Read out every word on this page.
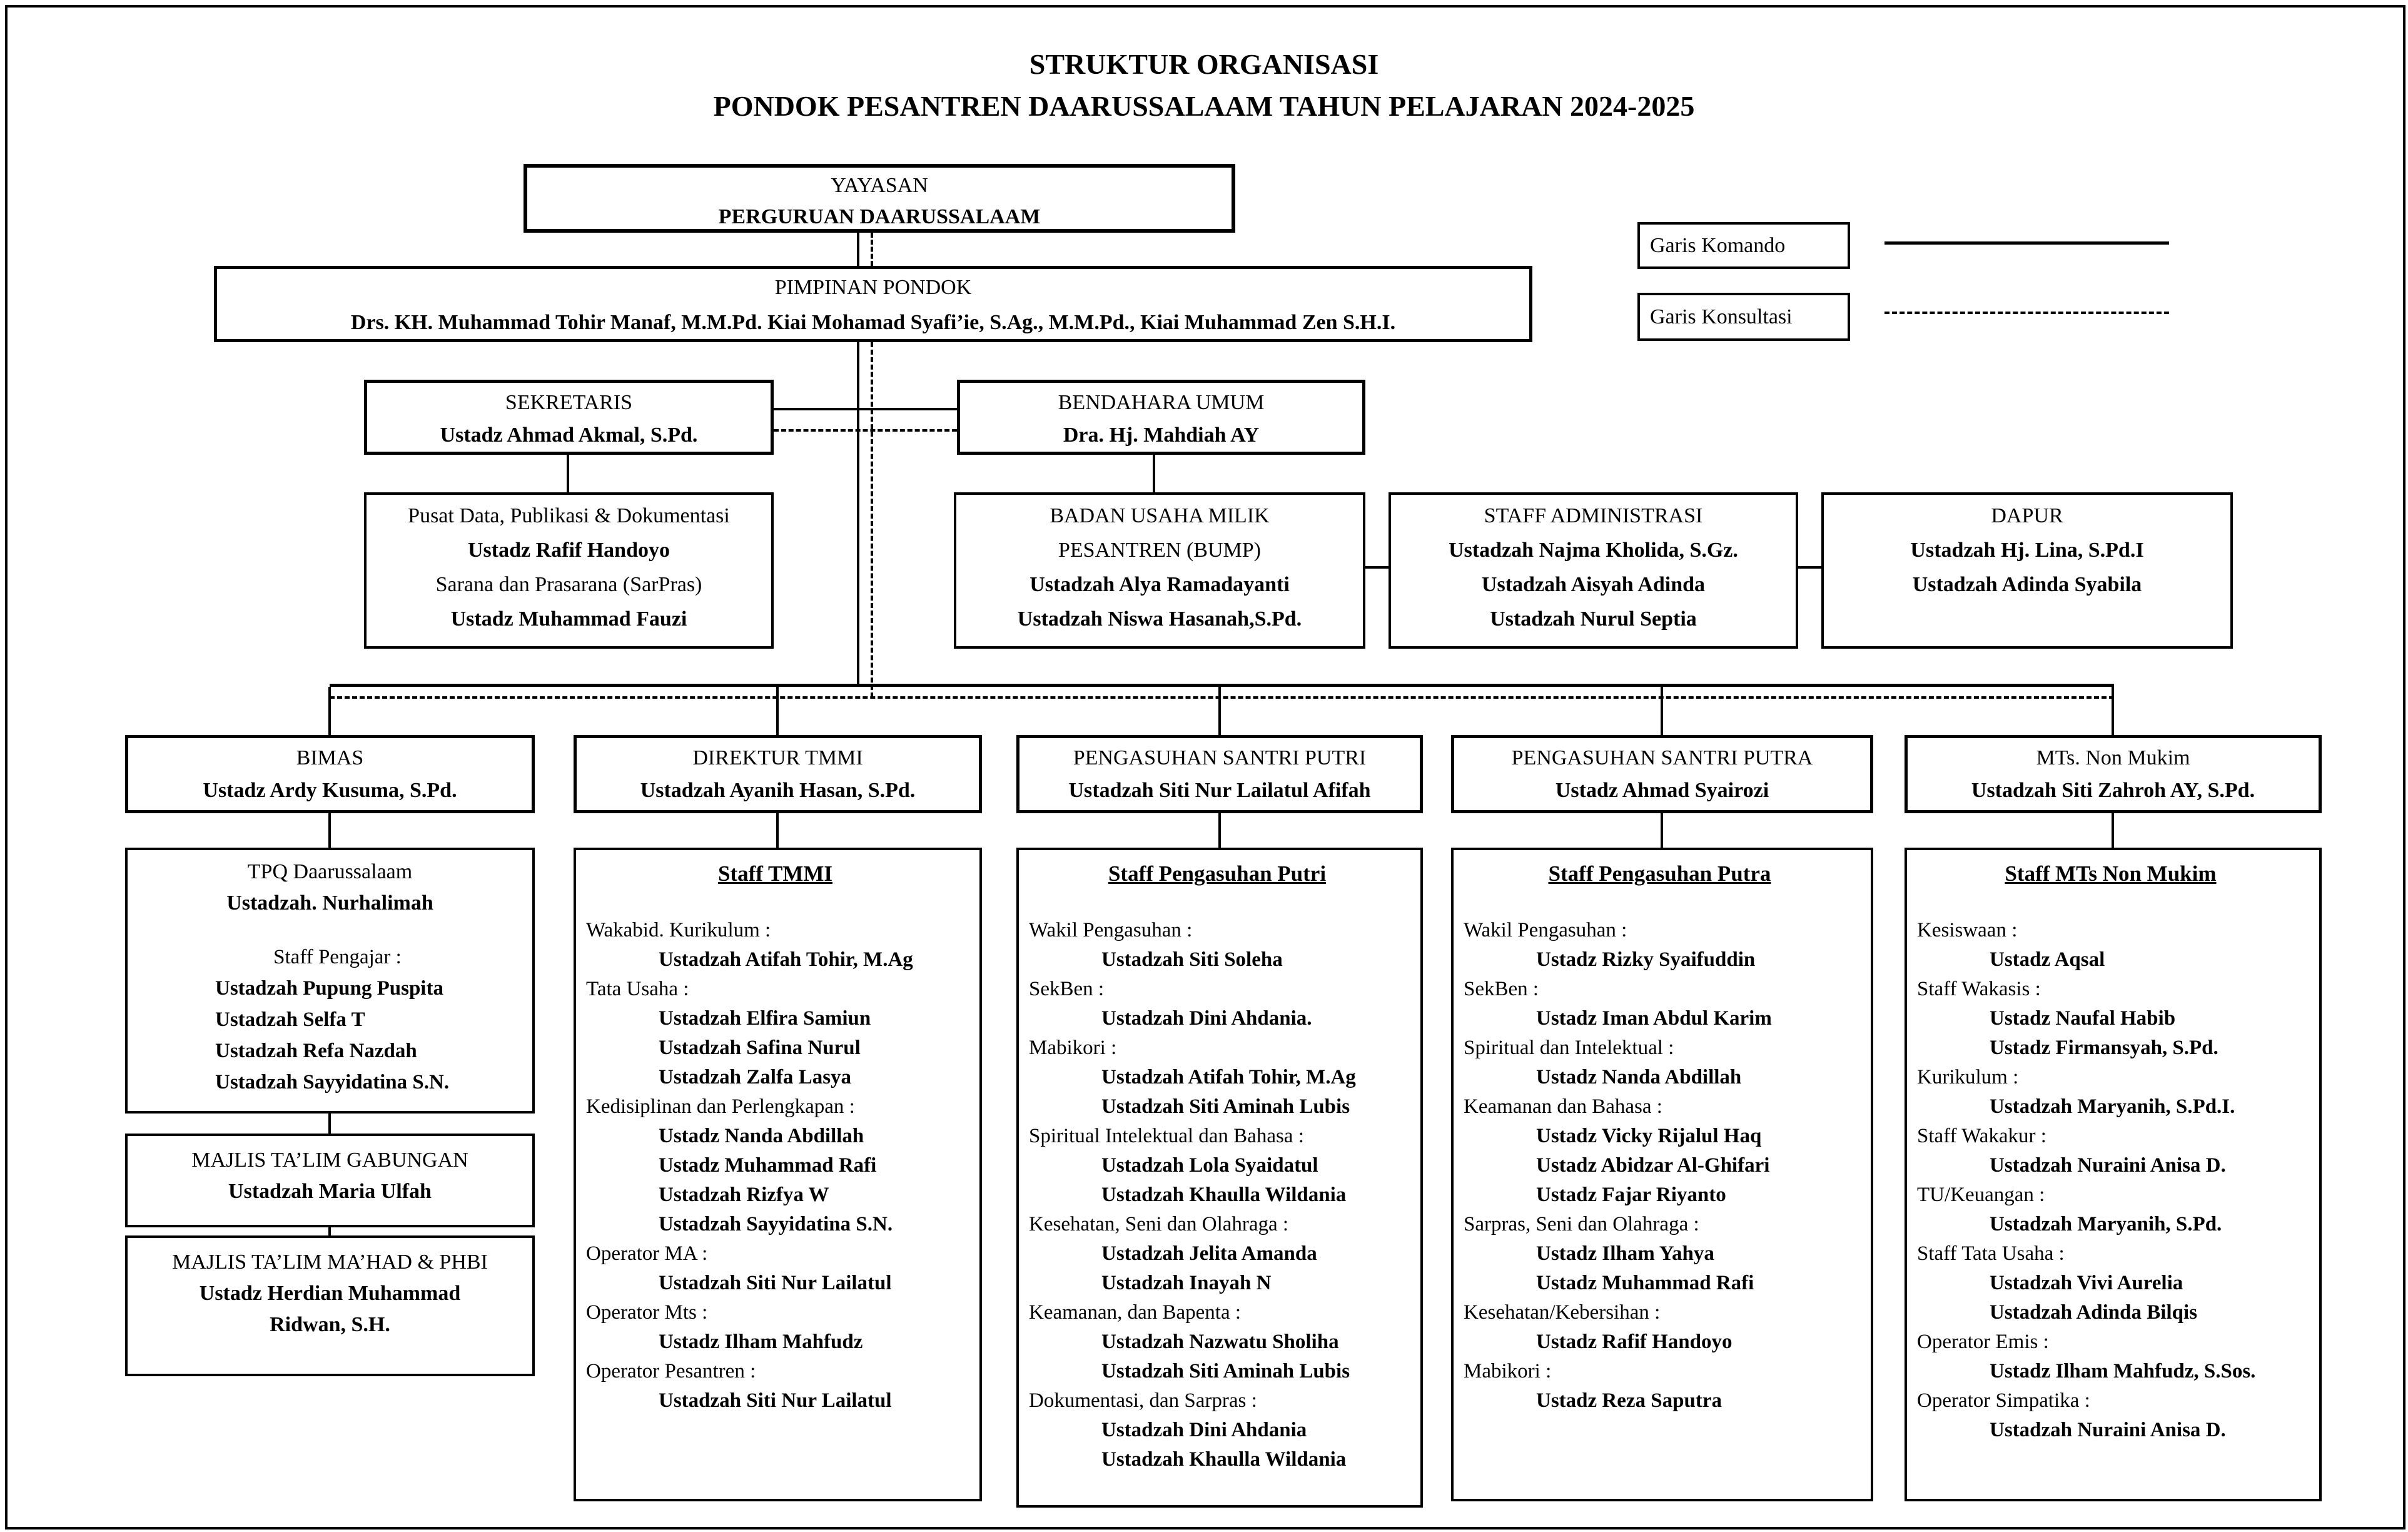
STRUKTUR ORGANISASI
PONDOK PESANTREN DAARUSSALAAM TAHUN PELAJARAN 2024-2025
Garis Komando
Garis Konsultasi
YAYASAN
PERGURUAN DAARUSSALAAM
PIMPINAN PONDOK
Drs. KH. Muhammad Tohir Manaf, M.M.Pd. Kiai Mohamad Syafi’ie, S.Ag., M.M.Pd., Kiai Muhammad Zen S.H.I.
SEKRETARIS
Ustadz Ahmad Akmal, S.Pd.
BENDAHARA UMUM
Dra. Hj. Mahdiah AY
Pusat Data, Publikasi & Dokumentasi
Ustadz Rafif Handoyo
Sarana dan Prasarana (SarPras)
Ustadz Muhammad Fauzi
BADAN USAHA MILIK
PESANTREN (BUMP)
Ustadzah Alya Ramadayanti
Ustadzah Niswa Hasanah,S.Pd.
STAFF ADMINISTRASI
Ustadzah Najma Kholida, S.Gz.
Ustadzah Aisyah Adinda
Ustadzah Nurul Septia
DAPUR
Ustadzah Hj. Lina, S.Pd.I
Ustadzah Adinda Syabila
BIMAS
Ustadz Ardy Kusuma, S.Pd.
DIREKTUR TMMI
Ustadzah Ayanih Hasan, S.Pd.
PENGASUHAN SANTRI PUTRI
Ustadzah Siti Nur Lailatul Afifah
PENGASUHAN SANTRI PUTRA
Ustadz Ahmad Syairozi
MTs. Non Mukim
Ustadzah Siti Zahroh AY, S.Pd.
TPQ Daarussalaam
Ustadzah. Nurhalimah
Staff Pengajar :
Ustadzah Pupung Puspita
Ustadzah Selfa T
Ustadzah Refa Nazdah
Ustadzah Sayyidatina S.N.
MAJLIS TA’LIM GABUNGAN
Ustadzah Maria Ulfah
MAJLIS TA’LIM MA’HAD & PHBI
Ustadz Herdian Muhammad Ridwan, S.H.
Staff TMMI
Wakabid. Kurikulum :
Ustadzah Atifah Tohir, M.Ag
Tata Usaha :
Ustadzah Elfira Samiun
Ustadzah Safina Nurul
Ustadzah Zalfa Lasya
Kedisiplinan dan Perlengkapan :
Ustadz Nanda Abdillah
Ustadz Muhammad Rafi
Ustadzah Rizfya W
Ustadzah Sayyidatina S.N.
Operator MA :
Ustadzah Siti Nur Lailatul
Operator Mts :
Ustadz Ilham Mahfudz
Operator Pesantren :
Ustadzah Siti Nur Lailatul
Staff Pengasuhan Putri
Wakil Pengasuhan :
Ustadzah Siti Soleha
SekBen :
Ustadzah Dini Ahdania.
Mabikori :
Ustadzah Atifah Tohir, M.Ag
Ustadzah Siti Aminah Lubis
Spiritual Intelektual dan Bahasa :
Ustadzah Lola Syaidatul
Ustadzah Khaulla Wildania
Kesehatan, Seni dan Olahraga :
Ustadzah Jelita Amanda
Ustadzah Inayah N
Keamanan, dan Bapenta :
Ustadzah Nazwatu Sholiha
Ustadzah Siti Aminah Lubis
Dokumentasi, dan Sarpras :
Ustadzah Dini Ahdania
Ustadzah Khaulla Wildania
Staff Pengasuhan Putra
Wakil Pengasuhan :
Ustadz Rizky Syaifuddin
SekBen :
Ustadz Iman Abdul Karim
Spiritual dan Intelektual :
Ustadz Nanda Abdillah
Keamanan dan Bahasa :
Ustadz Vicky Rijalul Haq
Ustadz Abidzar Al-Ghifari
Ustadz Fajar Riyanto
Sarpras, Seni dan Olahraga :
Ustadz Ilham Yahya
Ustadz Muhammad Rafi
Kesehatan/Kebersihan :
Ustadz Rafif Handoyo
Mabikori :
Ustadz Reza Saputra
Staff MTs Non Mukim
Kesiswaan :
Ustadz Aqsal
Staff Wakasis :
Ustadz Naufal Habib
Ustadz Firmansyah, S.Pd.
Kurikulum :
Ustadzah Maryanih, S.Pd.I.
Staff Wakakur :
Ustadzah Nuraini Anisa D.
TU/Keuangan :
Ustadzah Maryanih, S.Pd.
Staff Tata Usaha :
Ustadzah Vivi Aurelia
Ustadzah Adinda Bilqis
Operator Emis :
Ustadz Ilham Mahfudz, S.Sos.
Operator Simpatika :
Ustadzah Nuraini Anisa D.
